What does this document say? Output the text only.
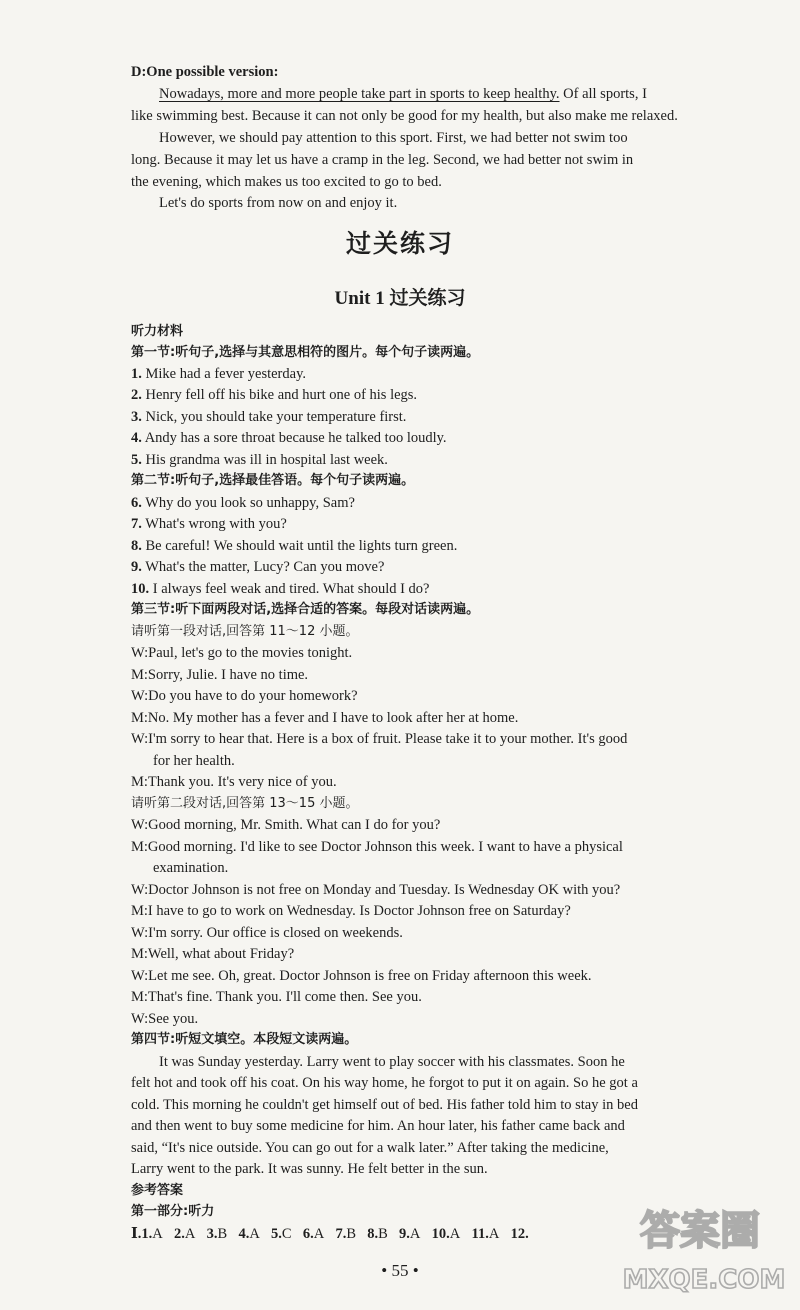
D:One possible version:
Nowadays, more and more people take part in sports to keep healthy. Of all sports, I
like swimming best. Because it can not only be good for my health, but also make me relaxed.
However, we should pay attention to this sport. First, we had better not swim too
long. Because it may let us have a cramp in the leg. Second, we had better not swim in
the evening, which makes us too excited to go to bed.
Let's do sports from now on and enjoy it.
过关练习
Unit 1 过关练习
听力材料
第一节:听句子,选择与其意思相符的图片。每个句子读两遍。
1. Mike had a fever yesterday.
2. Henry fell off his bike and hurt one of his legs.
3. Nick, you should take your temperature first.
4. Andy has a sore throat because he talked too loudly.
5. His grandma was ill in hospital last week.
第二节:听句子,选择最佳答语。每个句子读两遍。
6. Why do you look so unhappy, Sam?
7. What's wrong with you?
8. Be careful! We should wait until the lights turn green.
9. What's the matter, Lucy? Can you move?
10. I always feel weak and tired. What should I do?
第三节:听下面两段对话,选择合适的答案。每段对话读两遍。
请听第一段对话,回答第 11～12 小题。
W:Paul, let's go to the movies tonight.
M:Sorry, Julie. I have no time.
W:Do you have to do your homework?
M:No. My mother has a fever and I have to look after her at home.
W:I'm sorry to hear that. Here is a box of fruit. Please take it to your mother. It's good
for her health.
M:Thank you. It's very nice of you.
请听第二段对话,回答第 13～15 小题。
W:Good morning, Mr. Smith. What can I do for you?
M:Good morning. I'd like to see Doctor Johnson this week. I want to have a physical
examination.
W:Doctor Johnson is not free on Monday and Tuesday. Is Wednesday OK with you?
M:I have to go to work on Wednesday. Is Doctor Johnson free on Saturday?
W:I'm sorry. Our office is closed on weekends.
M:Well, what about Friday?
W:Let me see. Oh, great. Doctor Johnson is free on Friday afternoon this week.
M:That's fine. Thank you. I'll come then. See you.
W:See you.
第四节:听短文填空。本段短文读两遍。
It was Sunday yesterday. Larry went to play soccer with his classmates. Soon he
felt hot and took off his coat. On his way home, he forgot to put it on again. So he got a
cold. This morning he couldn't get himself out of bed. His father told him to stay in bed
and then went to buy some medicine for him. An hour later, his father came back and
said, “It's nice outside. You can go out for a walk later.” After taking the medicine,
Larry went to the park. It was sunny. He felt better in the sun.
参考答案
第一部分:听力
Ⅰ.1.A 2.A 3.B 4.A 5.C 6.A 7.B 8.B 9.A 10.A 11.A 12.
• 55 •
答案圈
MXQE.COM
